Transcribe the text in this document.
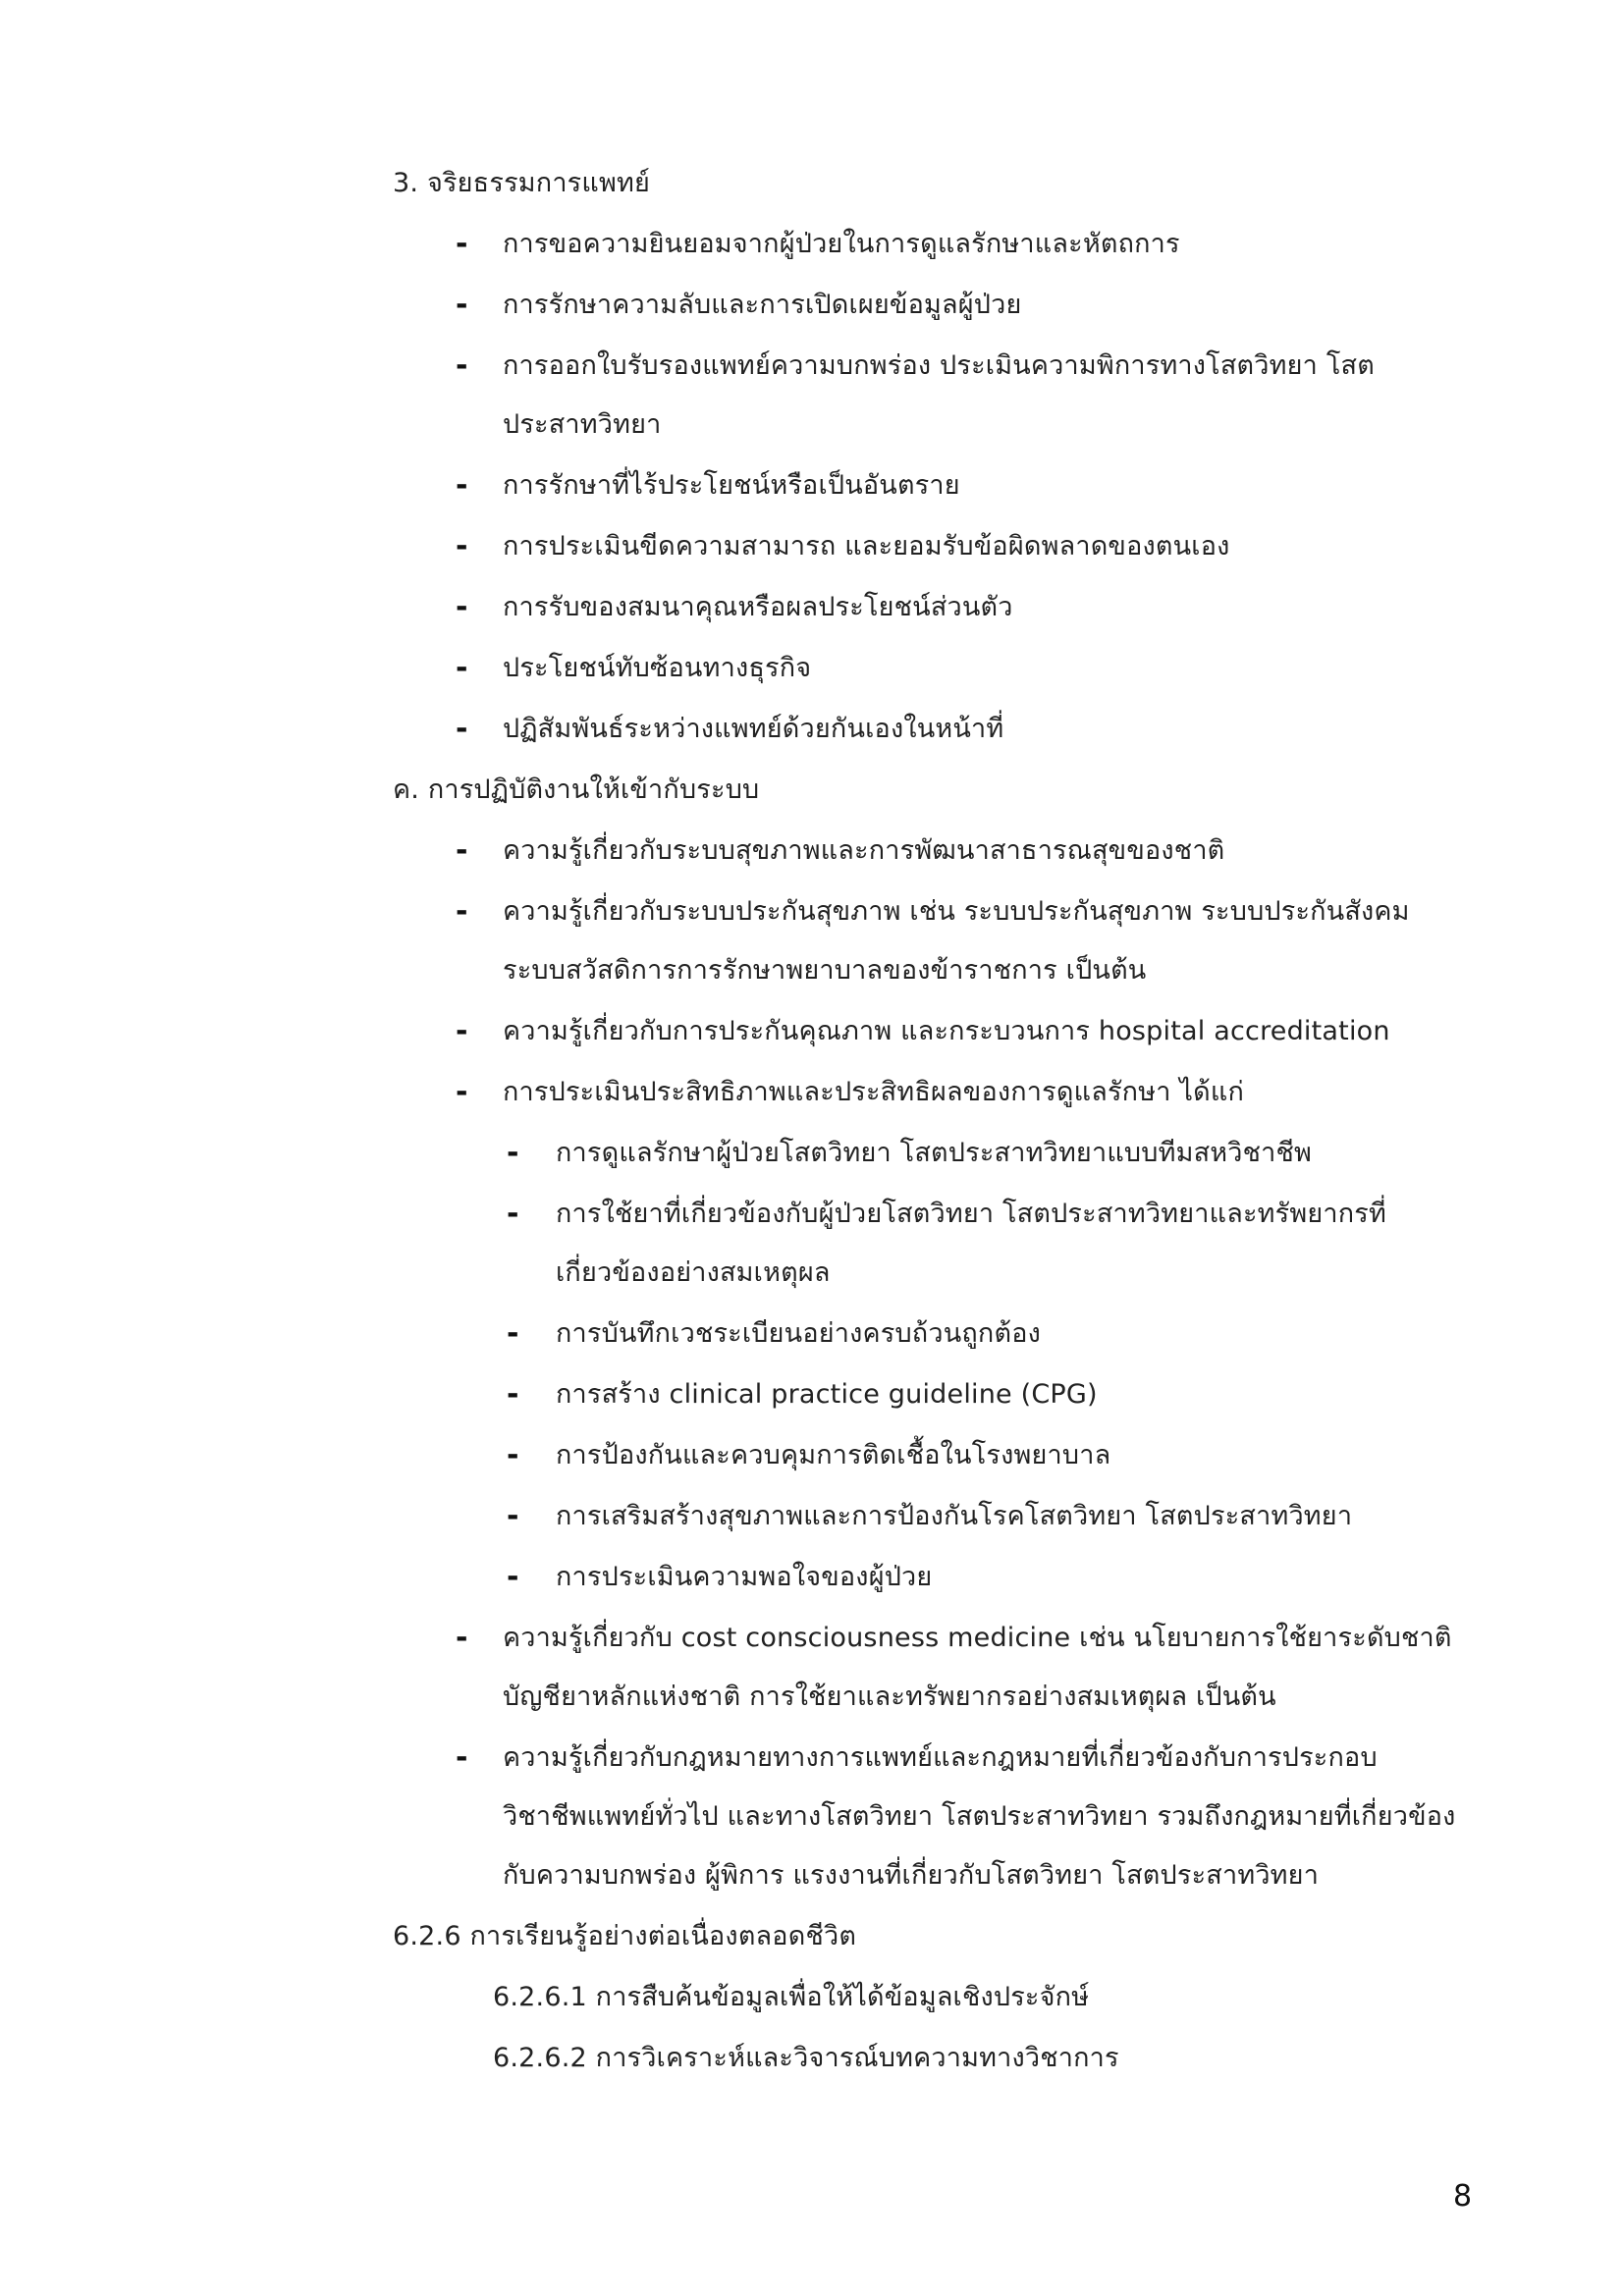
3. จริยธรรมการแพทย์
- การขอความยินยอมจากผู้ป่วยในการดูแลรักษาและหัตถการ
- การรักษาความลับและการเปิดเผยข้อมูลผู้ป่วย
- การออกใบรับรองแพทย์ความบกพร่อง ประเมินความพิการทางโสตวิทยา โสต
ประสาทวิทยา
- การรักษาที่ไร้ประโยชน์หรือเป็นอันตราย
- การประเมินขีดความสามารถ และยอมรับข้อผิดพลาดของตนเอง
- การรับของสมนาคุณหรือผลประโยชน์ส่วนตัว
- ประโยชน์ทับซ้อนทางธุรกิจ
- ปฏิสัมพันธ์ระหว่างแพทย์ด้วยกันเองในหน้าที่
ค. การปฏิบัติงานให้เข้ากับระบบ
- ความรู้เกี่ยวกับระบบสุขภาพและการพัฒนาสาธารณสุขของชาติ
- ความรู้เกี่ยวกับระบบประกันสุขภาพ เช่น ระบบประกันสุขภาพ ระบบประกันสังคม
ระบบสวัสดิการการรักษาพยาบาลของข้าราชการ เป็นต้น
- ความรู้เกี่ยวกับการประกันคุณภาพ และกระบวนการ hospital accreditation
- การประเมินประสิทธิภาพและประสิทธิผลของการดูแลรักษา ได้แก่
- การดูแลรักษาผู้ป่วยโสตวิทยา โสตประสาทวิทยาแบบทีมสหวิชาชีพ
- การใช้ยาที่เกี่ยวข้องกับผู้ป่วยโสตวิทยา โสตประสาทวิทยาและทรัพยากรที่
เกี่ยวข้องอย่างสมเหตุผล
- การบันทึกเวชระเบียนอย่างครบถ้วนถูกต้อง
- การสร้าง clinical practice guideline (CPG)
- การป้องกันและควบคุมการติดเชื้อในโรงพยาบาล
- การเสริมสร้างสุขภาพและการป้องกันโรคโสตวิทยา โสตประสาทวิทยา
- การประเมินความพอใจของผู้ป่วย
- ความรู้เกี่ยวกับ cost consciousness medicine เช่น นโยบายการใช้ยาระดับชาติ
บัญชียาหลักแห่งชาติ การใช้ยาและทรัพยากรอย่างสมเหตุผล เป็นต้น
- ความรู้เกี่ยวกับกฎหมายทางการแพทย์และกฎหมายที่เกี่ยวข้องกับการประกอบ
วิชาชีพแพทย์ทั่วไป และทางโสตวิทยา โสตประสาทวิทยา รวมถึงกฎหมายที่เกี่ยวข้อง
กับความบกพร่อง ผู้พิการ แรงงานที่เกี่ยวกับโสตวิทยา โสตประสาทวิทยา
6.2.6 การเรียนรู้อย่างต่อเนื่องตลอดชีวิต
6.2.6.1 การสืบค้นข้อมูลเพื่อให้ได้ข้อมูลเชิงประจักษ์
6.2.6.2 การวิเคราะห์และวิจารณ์บทความทางวิชาการ
8
